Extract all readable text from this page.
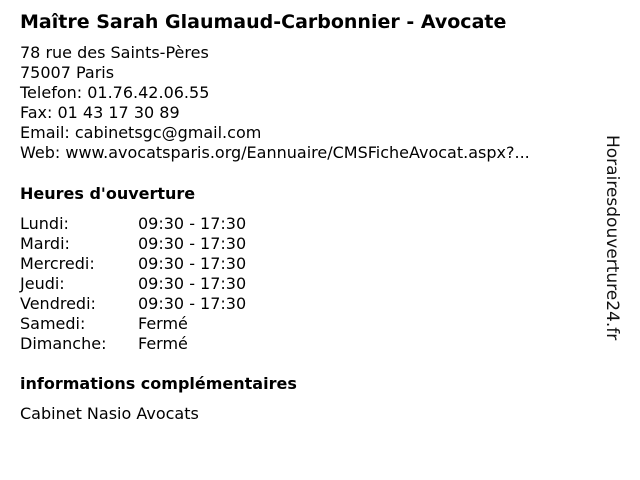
Maître Sarah Glaumaud-Carbonnier - Avocate
78 rue des Saints-Pères
75007 Paris
Telefon: 01.76.42.06.55
Fax: 01 43 17 30 89
Email: cabinetsgc@gmail.com
Web: www.avocatsparis.org/Eannuaire/CMSFicheAvocat.aspx?...
Heures d'ouverture
Lundi:	09:30 - 17:30
Mardi:	09:30 - 17:30
Mercredi:	09:30 - 17:30
Jeudi:	09:30 - 17:30
Vendredi:	09:30 - 17:30
Samedi:	Fermé
Dimanche:	Fermé
informations complémentaires
Cabinet Nasio Avocats
Horairesdouverture24.fr
